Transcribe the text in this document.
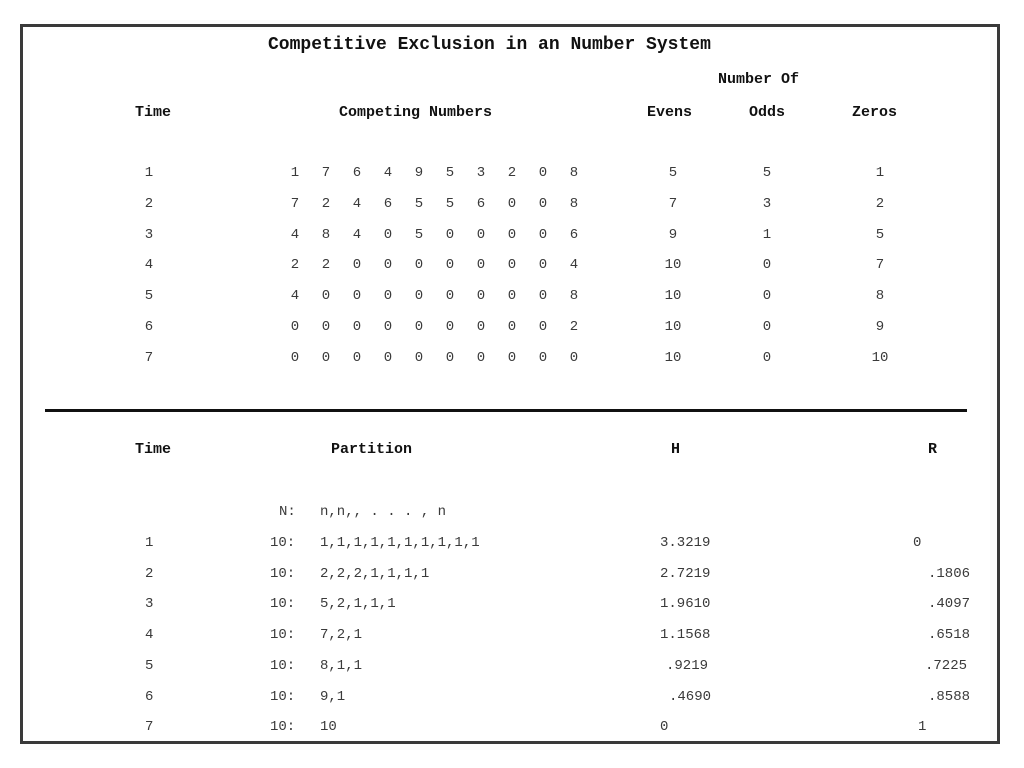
Competitive Exclusion in an Number System
Number Of
Time	Competing Numbers	Evens	Odds	Zeros
1	1	7	6	4	9	5	3	2	0	8	5	5	1
2	7	2	4	6	5	5	6	0	0	8	7	3	2
3	4	8	4	0	5	0	0	0	0	6	9	1	5
4	2	2	0	0	0	0	0	0	0	4	10	0	7
5	4	0	0	0	0	0	0	0	0	8	10	0	8
6	0	0	0	0	0	0	0	0	0	2	10	0	9
7	0	0	0	0	0	0	0	0	0	0	10	0	10
Time	Partition	H	R
N: n,n,, . . . , n
1	10: 1,1,1,1,1,1,1,1,1,1	3.3219	0
2	10: 2,2,2,1,1,1,1	2.7219	.1806
3	10: 5,2,1,1,1	1.9610	.4097
4	10: 7,2,1	1.1568	.6518
5	10: 8,1,1	.9219	.7225
6	10: 9,1	.4690	.8588
7	10: 10	0	1
